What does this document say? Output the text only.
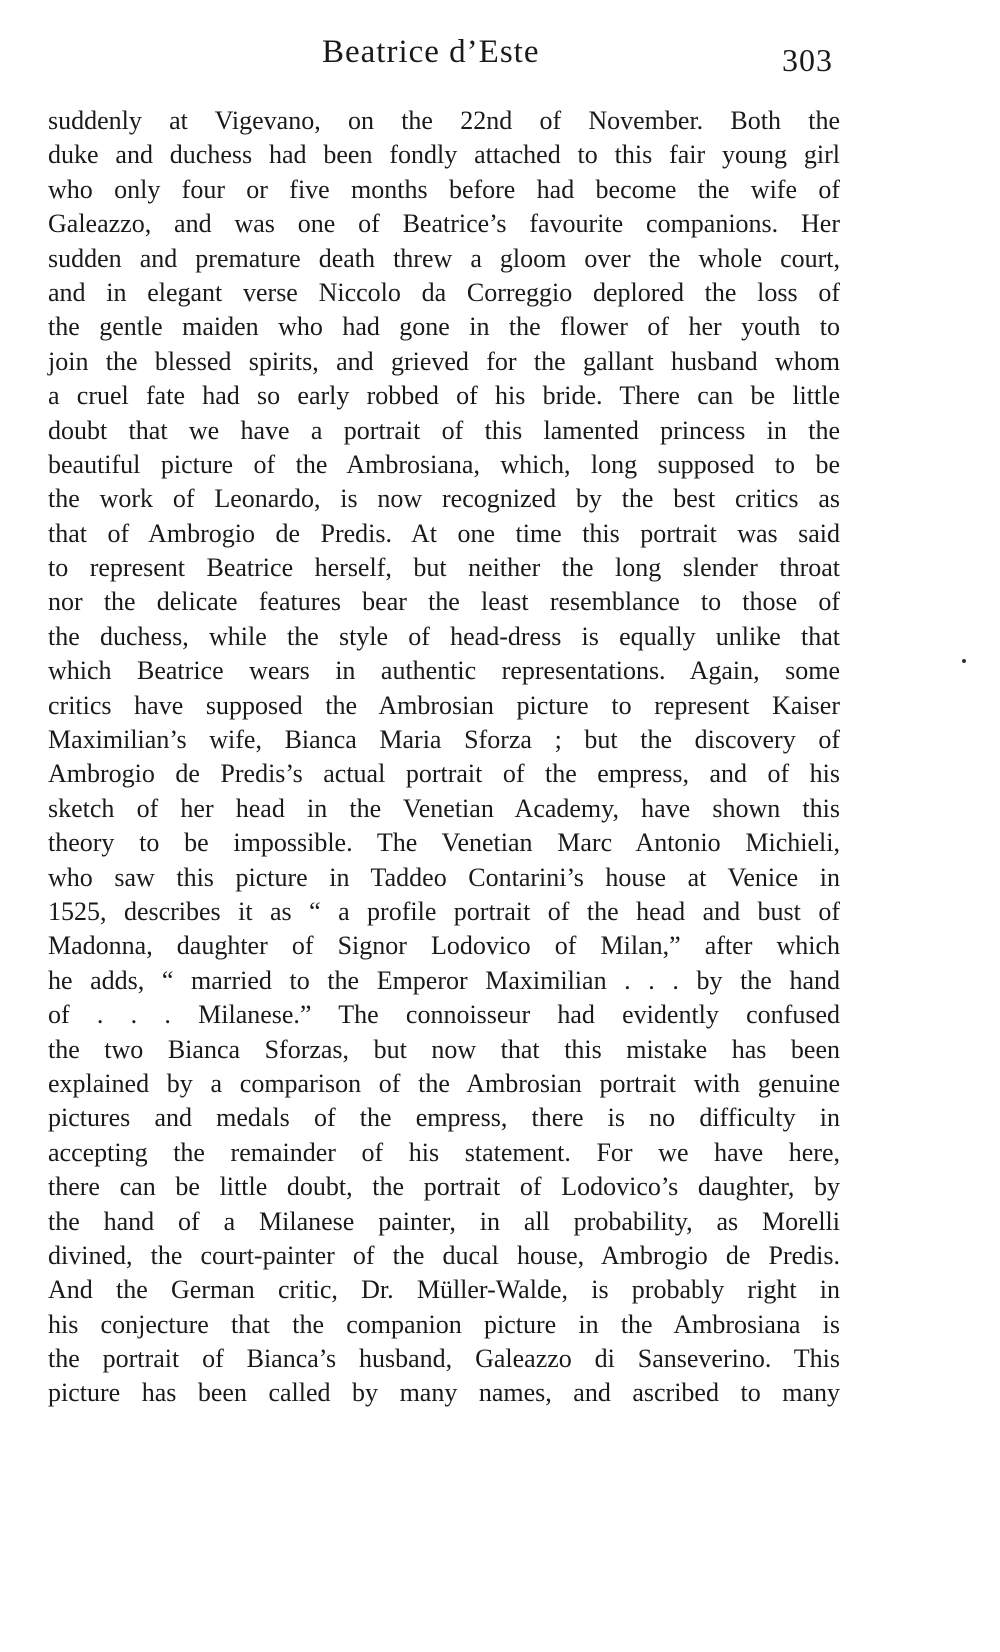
Beatrice d’Este	303
suddenly at Vigevano, on the 22nd of November. Both the
duke and duchess had been fondly attached to this fair young girl
who only four or five months before had become the wife of
Galeazzo, and was one of Beatrice’s favourite companions. Her
sudden and premature death threw a gloom over the whole court,
and in elegant verse Niccolo da Correggio deplored the loss of
the gentle maiden who had gone in the flower of her youth to
join the blessed spirits, and grieved for the gallant husband whom
a cruel fate had so early robbed of his bride. There can be little
doubt that we have a portrait of this lamented princess in the
beautiful picture of the Ambrosiana, which, long supposed to be
the work of Leonardo, is now recognized by the best critics as
that of Ambrogio de Predis. At one time this portrait was said
to represent Beatrice herself, but neither the long slender throat
nor the delicate features bear the least resemblance to those of
the duchess, while the style of head-dress is equally unlike that
which Beatrice wears in authentic representations. Again, some
critics have supposed the Ambrosian picture to represent Kaiser
Maximilian’s wife, Bianca Maria Sforza ; but the discovery of
Ambrogio de Predis’s actual portrait of the empress, and of his
sketch of her head in the Venetian Academy, have shown this
theory to be impossible. The Venetian Marc Antonio Michieli,
who saw this picture in Taddeo Contarini’s house at Venice in
1525, describes it as “ a profile portrait of the head and bust of
Madonna, daughter of Signor Lodovico of Milan,” after which
he adds, “ married to the Emperor Maximilian . . . by the hand
of . . . Milanese.” The connoisseur had evidently confused
the two Bianca Sforzas, but now that this mistake has been
explained by a comparison of the Ambrosian portrait with genuine
pictures and medals of the empress, there is no difficulty in
accepting the remainder of his statement. For we have here,
there can be little doubt, the portrait of Lodovico’s daughter, by
the hand of a Milanese painter, in all probability, as Morelli
divined, the court-painter of the ducal house, Ambrogio de Predis.
And the German critic, Dr. Müller-Walde, is probably right in
his conjecture that the companion picture in the Ambrosiana is
the portrait of Bianca’s husband, Galeazzo di Sanseverino. This
picture has been called by many names, and ascribed to many
